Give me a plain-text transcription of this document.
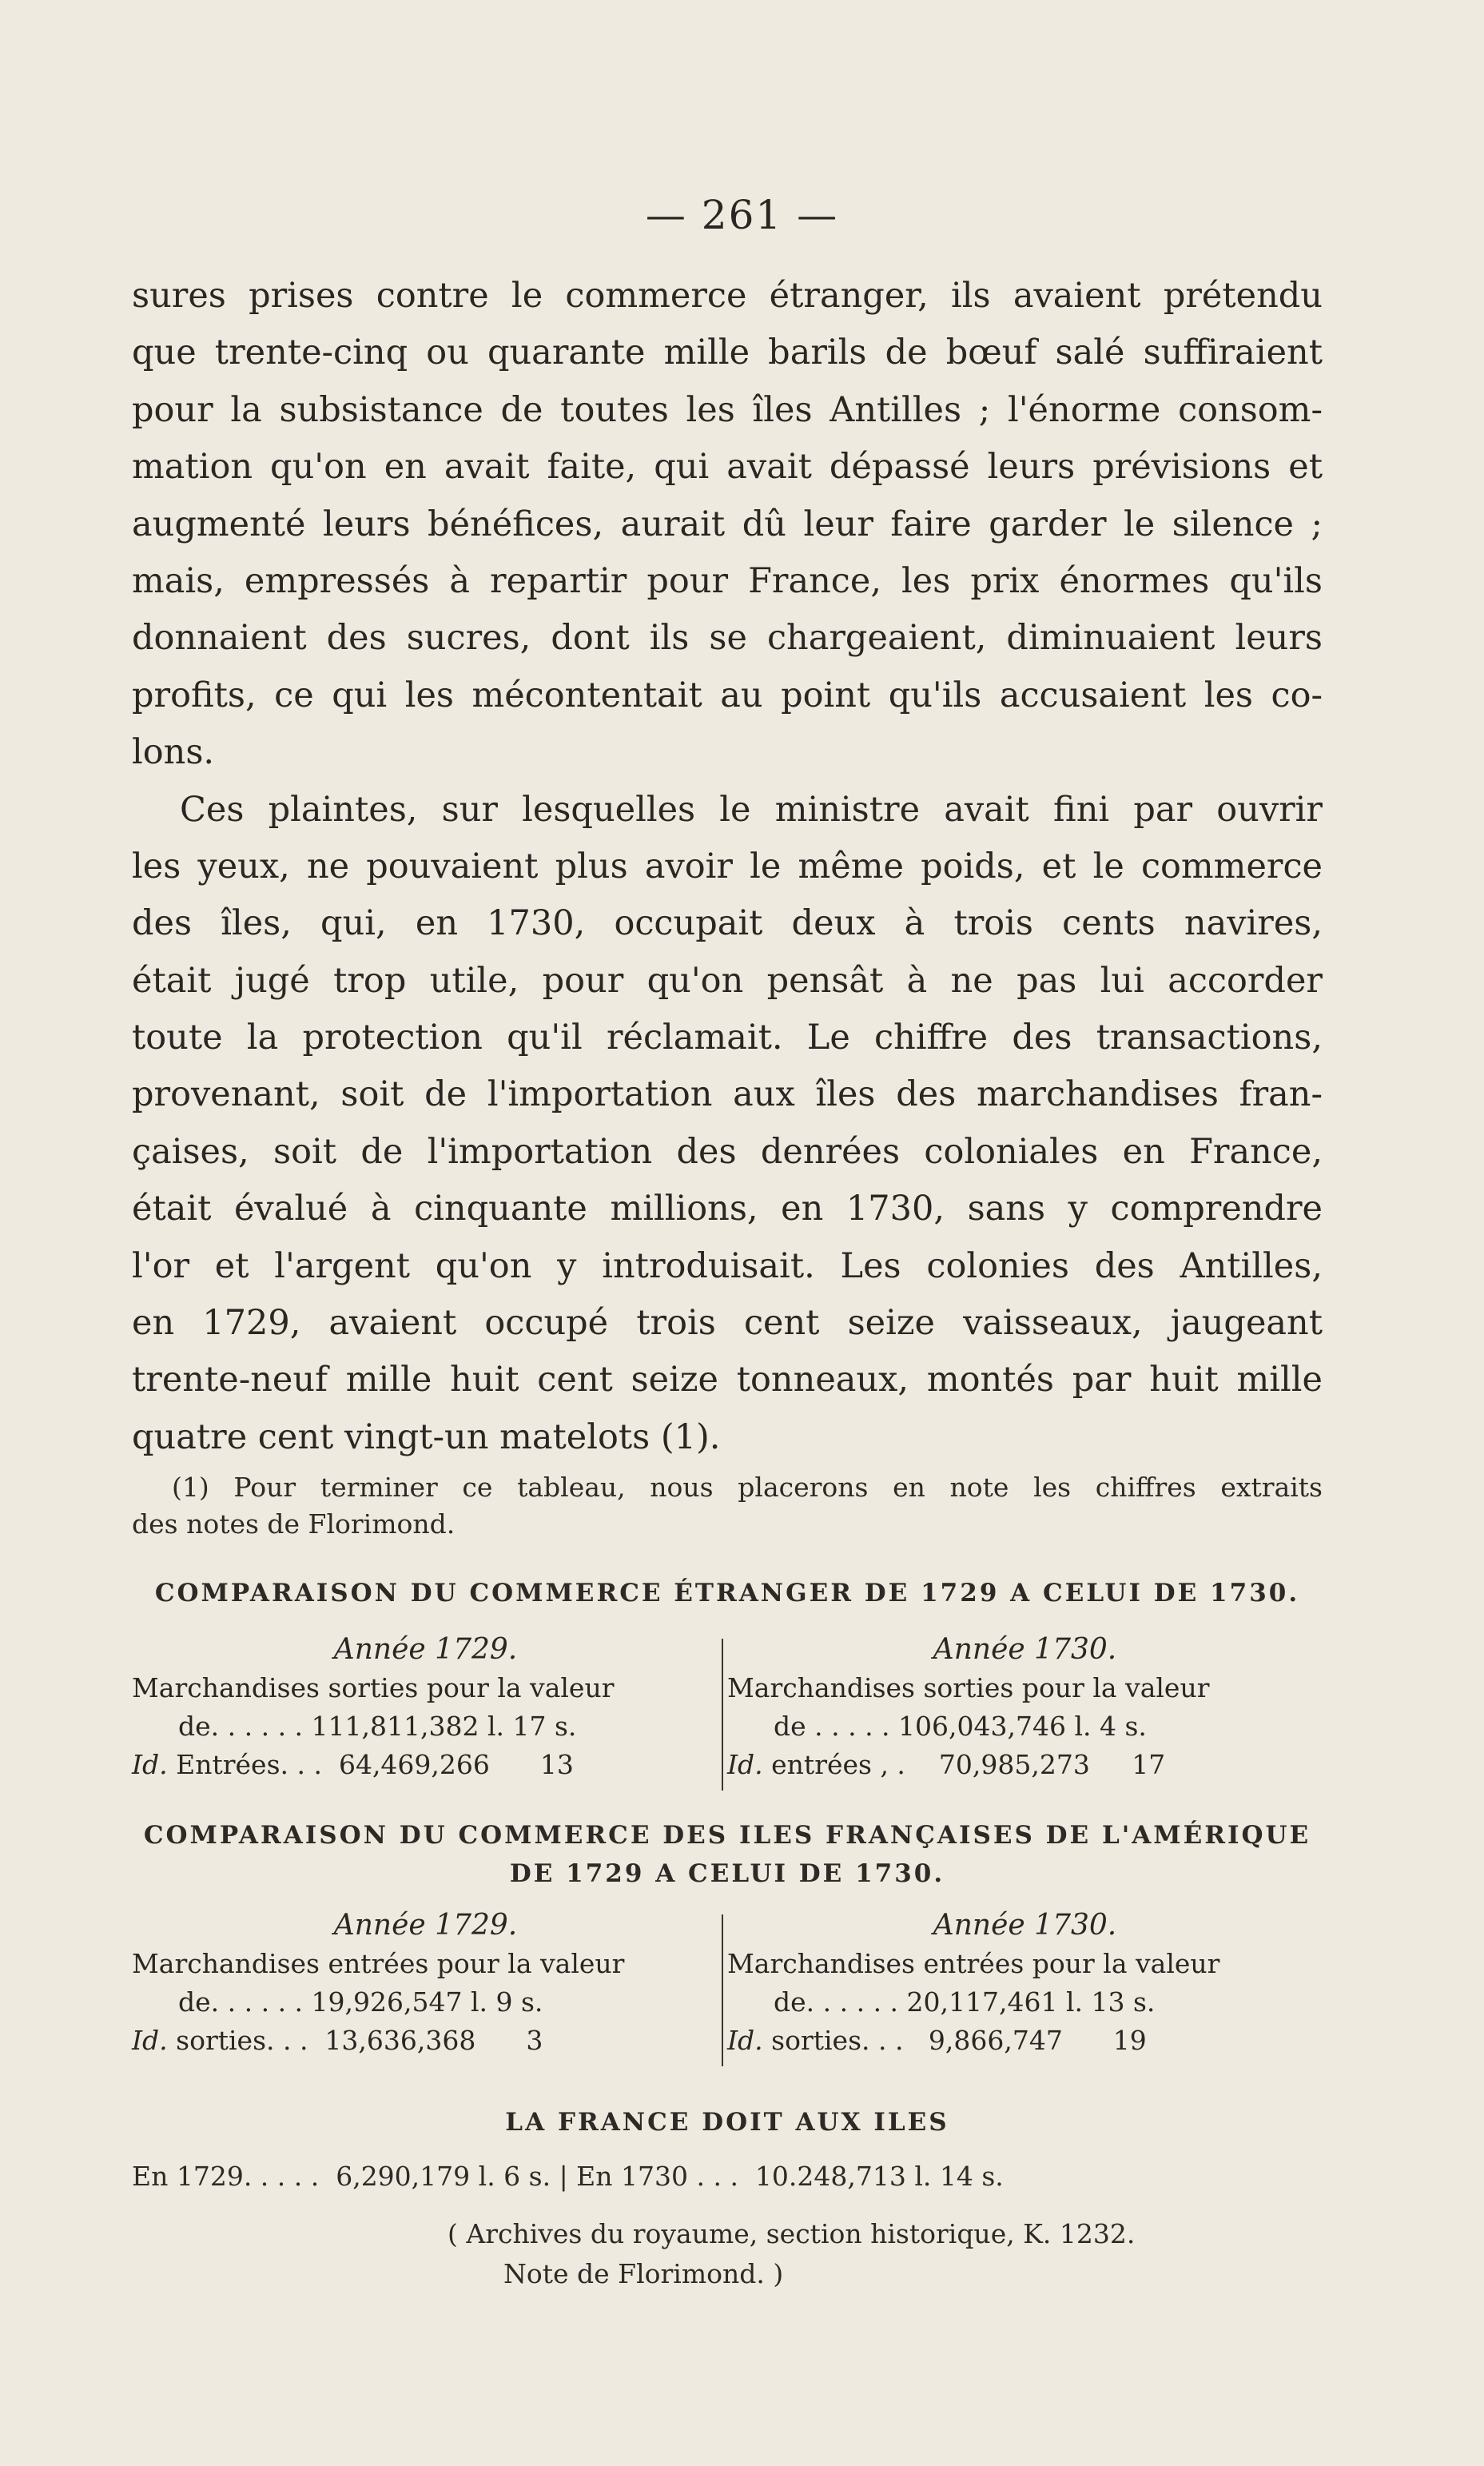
— 261 —
sures prises contre le commerce étranger, ils avaient prétendu
que trente-cinq ou quarante mille barils de bœuf salé suffiraient
pour la subsistance de toutes les îles Antilles ; l'énorme consom-
mation qu'on en avait faite, qui avait dépassé leurs prévisions et
augmenté leurs bénéfices, aurait dû leur faire garder le silence ;
mais, empressés à repartir pour France, les prix énormes qu'ils
donnaient des sucres, dont ils se chargeaient, diminuaient leurs
profits, ce qui les mécontentait au point qu'ils accusaient les co-
lons.
Ces plaintes, sur lesquelles le ministre avait fini par ouvrir
les yeux, ne pouvaient plus avoir le même poids, et le commerce
des îles, qui, en 1730, occupait deux à trois cents navires,
était jugé trop utile, pour qu'on pensât à ne pas lui accorder
toute la protection qu'il réclamait. Le chiffre des transactions,
provenant, soit de l'importation aux îles des marchandises fran-
çaises, soit de l'importation des denrées coloniales en France,
était évalué à cinquante millions, en 1730, sans y comprendre
l'or et l'argent qu'on y introduisait. Les colonies des Antilles,
en 1729, avaient occupé trois cent seize vaisseaux, jaugeant
trente-neuf mille huit cent seize tonneaux, montés par huit mille
quatre cent vingt-un matelots (1).
(1) Pour terminer ce tableau, nous placerons en note les chiffres extraits
des notes de Florimond.
COMPARAISON DU COMMERCE ÉTRANGER DE 1729 A CELUI DE 1730.
Année 1729.
Marchandises sorties pour la valeur
de. . . . . . 111,811,382 l. 17 s.
Id. Entrées. . .  64,469,266      13
Année 1730.
Marchandises sorties pour la valeur
de . . . . . 106,043,746 l. 4 s.
Id. entrées , .    70,985,273     17
COMPARAISON DU COMMERCE DES ILES FRANÇAISES DE L'AMÉRIQUE
DE 1729 A CELUI DE 1730.
Année 1729.
Marchandises entrées pour la valeur
de. . . . . . 19,926,547 l. 9 s.
Id. sorties. . .  13,636,368      3
Année 1730.
Marchandises entrées pour la valeur
de. . . . . . 20,117,461 l. 13 s.
Id. sorties. . .   9,866,747      19
LA FRANCE DOIT AUX ILES
En 1729. . . . .  6,290,179 l. 6 s. | En 1730 . . .  10.248,713 l. 14 s.
( Archives du royaume, section historique, K. 1232.
Note de Florimond. )
